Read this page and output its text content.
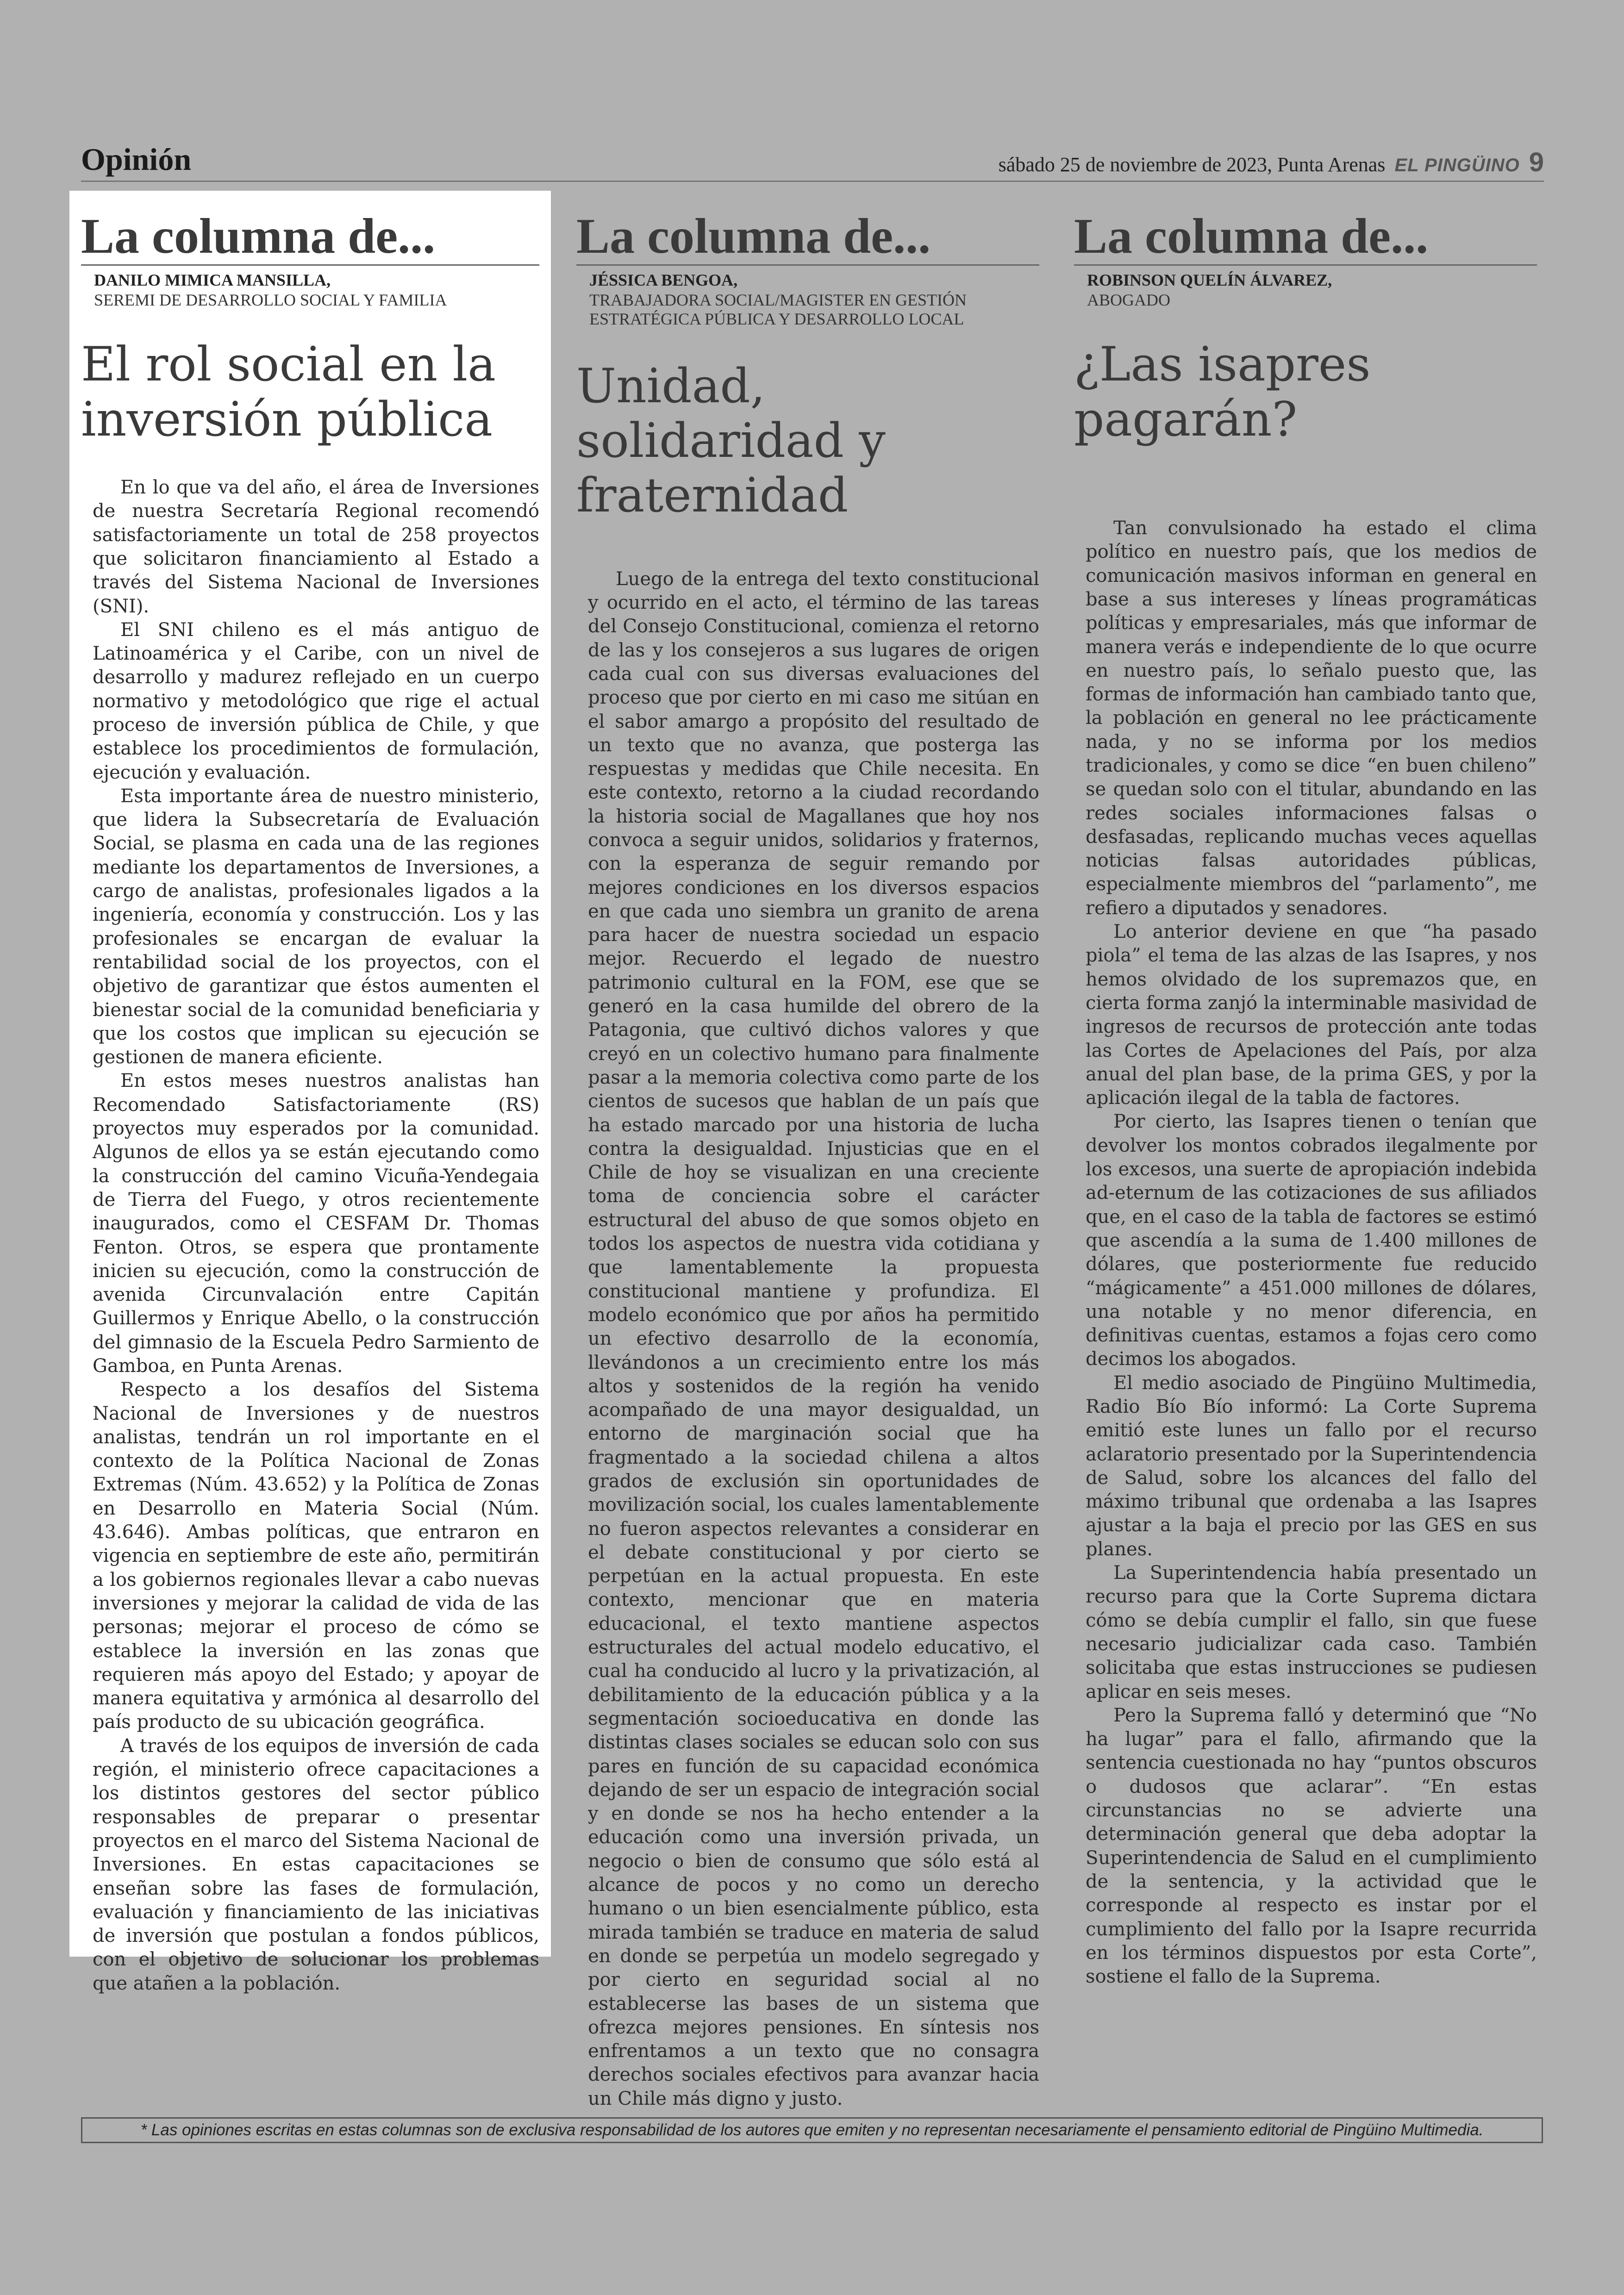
Opinión	sábado 25 de noviembre de 2023, Punta Arenas EL PINGÜINO 9
La columna de...
DANILO MIMICA MANSILLA,
SEREMI DE DESARROLLO SOCIAL Y FAMILIA
El rol social en la inversión pública

En lo que va del año, el área de Inversiones de nuestra Secretaría Regional recomendó satisfactoriamente un total de 258 proyectos que solicitaron financiamiento al Estado a través del Sistema Nacional de Inversiones (SNI).

El SNI chileno es el más antiguo de Latinoamérica y el Caribe, con un nivel de desarrollo y madurez reflejado en un cuerpo normativo y metodológico que rige el actual proceso de inversión pública de Chile, y que establece los procedimientos de formulación, ejecución y evaluación.

Esta importante área de nuestro ministerio, que lidera la Subsecretaría de Evaluación Social, se plasma en cada una de las regiones mediante los departamentos de Inversiones, a cargo de analistas, profesionales ligados a la ingeniería, economía y construcción. Los y las profesionales se encargan de evaluar la rentabilidad social de los proyectos, con el objetivo de garantizar que éstos aumenten el bienestar social de la comunidad beneficiaria y que los costos que implican su ejecución se gestionen de manera eficiente.

En estos meses nuestros analistas han Recomendado Satisfactoriamente (RS) proyectos muy esperados por la comunidad. Algunos de ellos ya se están ejecutando como la construcción del camino Vicuña-Yendegaia de Tierra del Fuego, y otros recientemente inaugurados, como el CESFAM Dr. Thomas Fenton. Otros, se espera que prontamente inicien su ejecución, como la construcción de avenida Circunvalación entre Capitán Guillermos y Enrique Abello, o la construcción del gimnasio de la Escuela Pedro Sarmiento de Gamboa, en Punta Arenas.

Respecto a los desafíos del Sistema Nacional de Inversiones y de nuestros analistas, tendrán un rol importante en el contexto de la Política Nacional de Zonas Extremas (Núm. 43.652) y la Política de Zonas en Desarrollo en Materia Social (Núm. 43.646). Ambas políticas, que entraron en vigencia en septiembre de este año, permitirán a los gobiernos regionales llevar a cabo nuevas inversiones y mejorar la calidad de vida de las personas; mejorar el proceso de cómo se establece la inversión en las zonas que requieren más apoyo del Estado; y apoyar de manera equitativa y armónica al desarrollo del país producto de su ubicación geográfica.

A través de los equipos de inversión de cada región, el ministerio ofrece capacitaciones a los distintos gestores del sector público responsables de preparar o presentar proyectos en el marco del Sistema Nacional de Inversiones. En estas capacitaciones se enseñan sobre las fases de formulación, evaluación y financiamiento de las iniciativas de inversión que postulan a fondos públicos, con el objetivo de solucionar los problemas que atañen a la población.

La columna de...
JÉSSICA BENGOA,
TRABAJADORA SOCIAL/MAGISTER EN GESTIÓN ESTRATÉGICA PÚBLICA Y DESARROLLO LOCAL
Unidad, solidaridad y fraternidad

Luego de la entrega del texto constitucional y ocurrido en el acto, el término de las tareas del Consejo Constitucional, comienza el retorno de las y los consejeros a sus lugares de origen cada cual con sus diversas evaluaciones del proceso que por cierto en mi caso me sitúan en el sabor amargo a propósito del resultado de un texto que no avanza, que posterga las respuestas y medidas que Chile necesita. En este contexto, retorno a la ciudad recordando la historia social de Magallanes que hoy nos convoca a seguir unidos, solidarios y fraternos, con la esperanza de seguir remando por mejores condiciones en los diversos espacios en que cada uno siembra un granito de arena para hacer de nuestra sociedad un espacio mejor. Recuerdo el legado de nuestro patrimonio cultural en la FOM, ese que se generó en la casa humilde del obrero de la Patagonia, que cultivó dichos valores y que creyó en un colectivo humano para finalmente pasar a la memoria colectiva como parte de los cientos de sucesos que hablan de un país que ha estado marcado por una historia de lucha contra la desigualdad. Injusticias que en el Chile de hoy se visualizan en una creciente toma de conciencia sobre el carácter estructural del abuso de que somos objeto en todos los aspectos de nuestra vida cotidiana y que lamentablemente la propuesta constitucional mantiene y profundiza. El modelo económico que por años ha permitido un efectivo desarrollo de la economía, llevándonos a un crecimiento entre los más altos y sostenidos de la región ha venido acompañado de una mayor desigualdad, un entorno de marginación social que ha fragmentado a la sociedad chilena a altos grados de exclusión sin oportunidades de movilización social, los cuales lamentablemente no fueron aspectos relevantes a considerar en el debate constitucional y por cierto se perpetúan en la actual propuesta. En este contexto, mencionar que en materia educacional, el texto mantiene aspectos estructurales del actual modelo educativo, el cual ha conducido al lucro y la privatización, al debilitamiento de la educación pública y a la segmentación socioeducativa en donde las distintas clases sociales se educan solo con sus pares en función de su capacidad económica dejando de ser un espacio de integración social y en donde se nos ha hecho entender a la educación como una inversión privada, un negocio o bien de consumo que sólo está al alcance de pocos y no como un derecho humano o un bien esencialmente público, esta mirada también se traduce en materia de salud en donde se perpetúa un modelo segregado y por cierto en seguridad social al no establecerse las bases de un sistema que ofrezca mejores pensiones. En síntesis nos enfrentamos a un texto que no consagra derechos sociales efectivos para avanzar hacia un Chile más digno y justo.

La columna de...
ROBINSON QUELÍN ÁLVAREZ,
ABOGADO
¿Las isapres pagarán?

Tan convulsionado ha estado el clima político en nuestro país, que los medios de comunicación masivos informan en general en base a sus intereses y líneas programáticas políticas y empresariales, más que informar de manera verás e independiente de lo que ocurre en nuestro país, lo señalo puesto que, las formas de información han cambiado tanto que, la población en general no lee prácticamente nada, y no se informa por los medios tradicionales, y como se dice “en buen chileno” se quedan solo con el titular, abundando en las redes sociales informaciones falsas o desfasadas, replicando muchas veces aquellas noticias falsas autoridades públicas, especialmente miembros del “parlamento”, me refiero a diputados y senadores.

Lo anterior deviene en que “ha pasado piola” el tema de las alzas de las Isapres, y nos hemos olvidado de los supremazos que, en cierta forma zanjó la interminable masividad de ingresos de recursos de protección ante todas las Cortes de Apelaciones del País, por alza anual del plan base, de la prima GES, y por la aplicación ilegal de la tabla de factores.

Por cierto, las Isapres tienen o tenían que devolver los montos cobrados ilegalmente por los excesos, una suerte de apropiación indebida ad-eternum de las cotizaciones de sus afiliados que, en el caso de la tabla de factores se estimó que ascendía a la suma de 1.400 millones de dólares, que posteriormente fue reducido “mágicamente” a 451.000 millones de dólares, una notable y no menor diferencia, en definitivas cuentas, estamos a fojas cero como decimos los abogados.

El medio asociado de Pingüino Multimedia, Radio Bío Bío informó: La Corte Suprema emitió este lunes un fallo por el recurso aclaratorio presentado por la Superintendencia de Salud, sobre los alcances del fallo del máximo tribunal que ordenaba a las Isapres ajustar a la baja el precio por las GES en sus planes.

La Superintendencia había presentado un recurso para que la Corte Suprema dictara cómo se debía cumplir el fallo, sin que fuese necesario judicializar cada caso. También solicitaba que estas instrucciones se pudiesen aplicar en seis meses.

Pero la Suprema falló y determinó que “No ha lugar” para el fallo, afirmando que la sentencia cuestionada no hay “puntos obscuros o dudosos que aclarar”. “En estas circunstancias no se advierte una determinación general que deba adoptar la Superintendencia de Salud en el cumplimiento de la sentencia, y la actividad que le corresponde al respecto es instar por el cumplimiento del fallo por la Isapre recurrida en los términos dispuestos por esta Corte”, sostiene el fallo de la Suprema.

* Las opiniones escritas en estas columnas son de exclusiva responsabilidad de los autores que emiten y no representan necesariamente el pensamiento editorial de Pingüino Multimedia.
